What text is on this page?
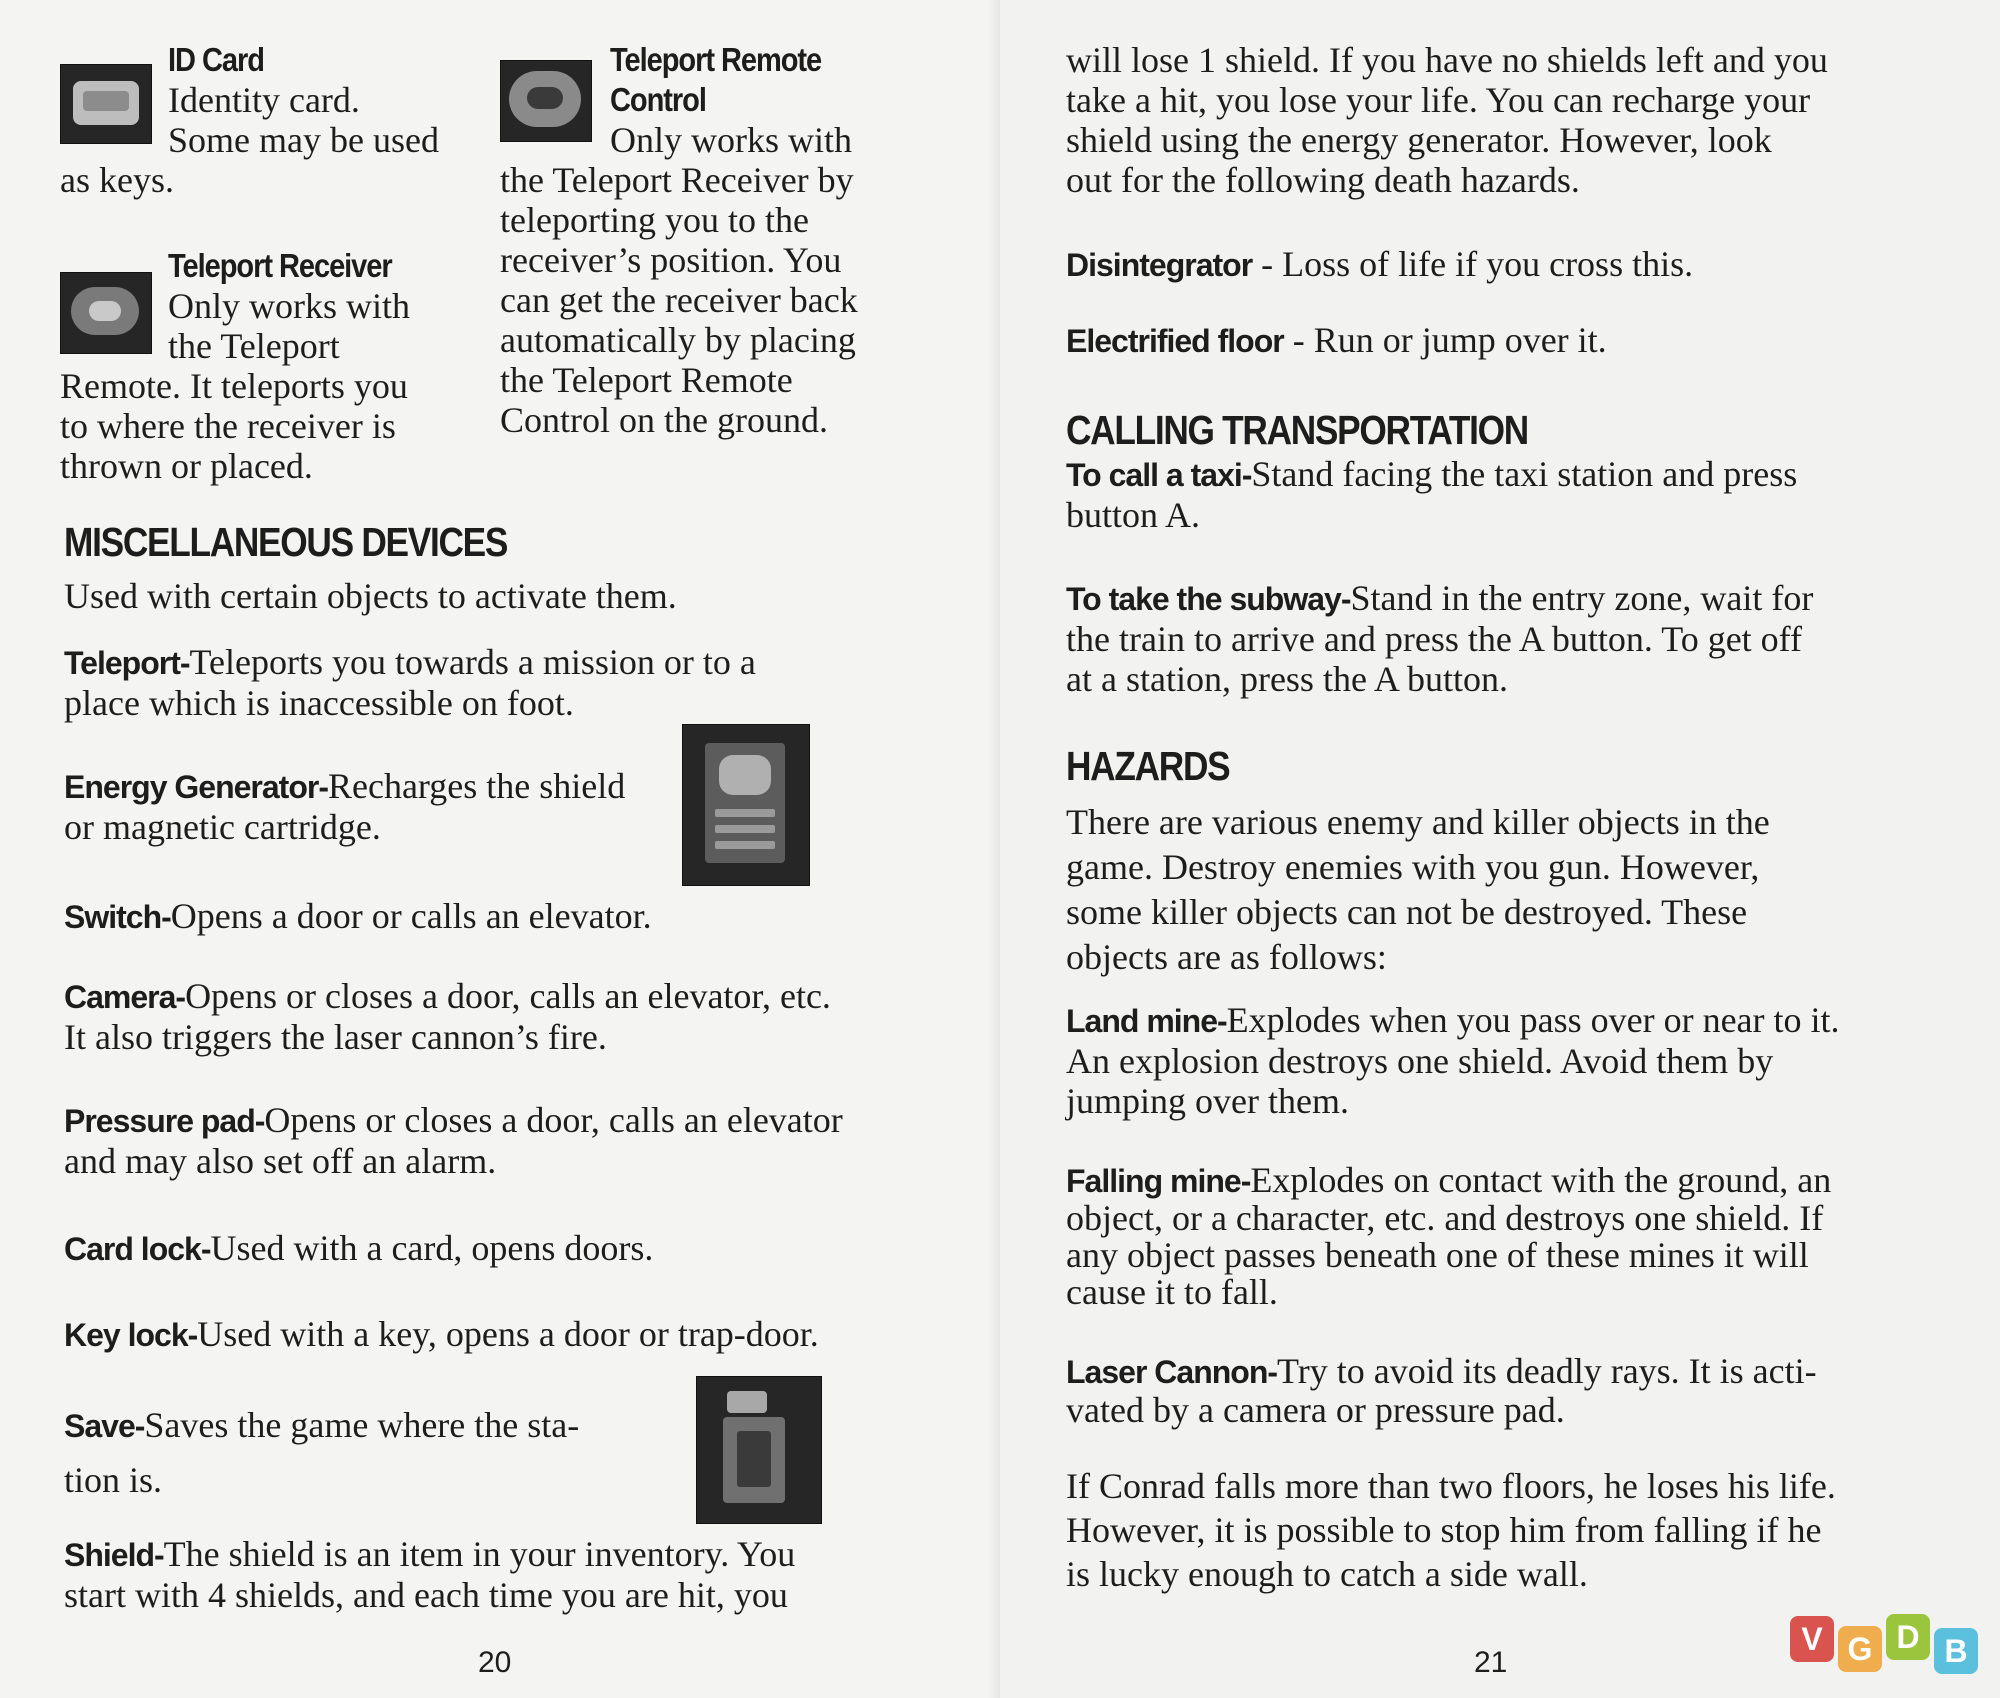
ID Card
Identity card.
Some may be used
as keys.
Teleport Receiver
Only works with
the Teleport
Remote. It teleports you
to where the receiver is
thrown or placed.
Teleport Remote
Control
Only works with
the Teleport Receiver by
teleporting you to the
receiver’s position. You
can get the receiver back
automatically by placing
the Teleport Remote
Control on the ground.
MISCELLANEOUS DEVICES
Used with certain objects to activate them.
Teleport-Teleports you towards a mission or to a
place which is inaccessible on foot.
Energy Generator-Recharges the shield
or magnetic cartridge.
Switch-Opens a door or calls an elevator.
Camera-Opens or closes a door, calls an elevator, etc.
It also triggers the laser cannon’s fire.
Pressure pad-Opens or closes a door, calls an elevator
and may also set off an alarm.
Card lock-Used with a card, opens doors.
Key lock-Used with a key, opens a door or trap-door.
Save-Saves the game where the sta-
tion is.
Shield-The shield is an item in your inventory. You
start with 4 shields, and each time you are hit, you
20
will lose 1 shield. If you have no shields left and you
take a hit, you lose your life. You can recharge your
shield using the energy generator. However, look
out for the following death hazards.
Disintegrator - Loss of life if you cross this.
Electrified floor - Run or jump over it.
CALLING TRANSPORTATION
To call a taxi-Stand facing the taxi station and press
button A.
To take the subway-Stand in the entry zone, wait for
the train to arrive and press the A button. To get off
at a station, press the A button.
HAZARDS
There are various enemy and killer objects in the
game. Destroy enemies with you gun. However,
some killer objects can not be destroyed. These
objects are as follows:
Land mine-Explodes when you pass over or near to it.
An explosion destroys one shield. Avoid them by
jumping over them.
Falling mine-Explodes on contact with the ground, an
object, or a character, etc. and destroys one shield. If
any object passes beneath one of these mines it will
cause it to fall.
Laser Cannon-Try to avoid its deadly rays. It is acti-
vated by a camera or pressure pad.
If Conrad falls more than two floors, he loses his life.
However, it is possible to stop him from falling if he
is lucky enough to catch a side wall.
21
V G D B
